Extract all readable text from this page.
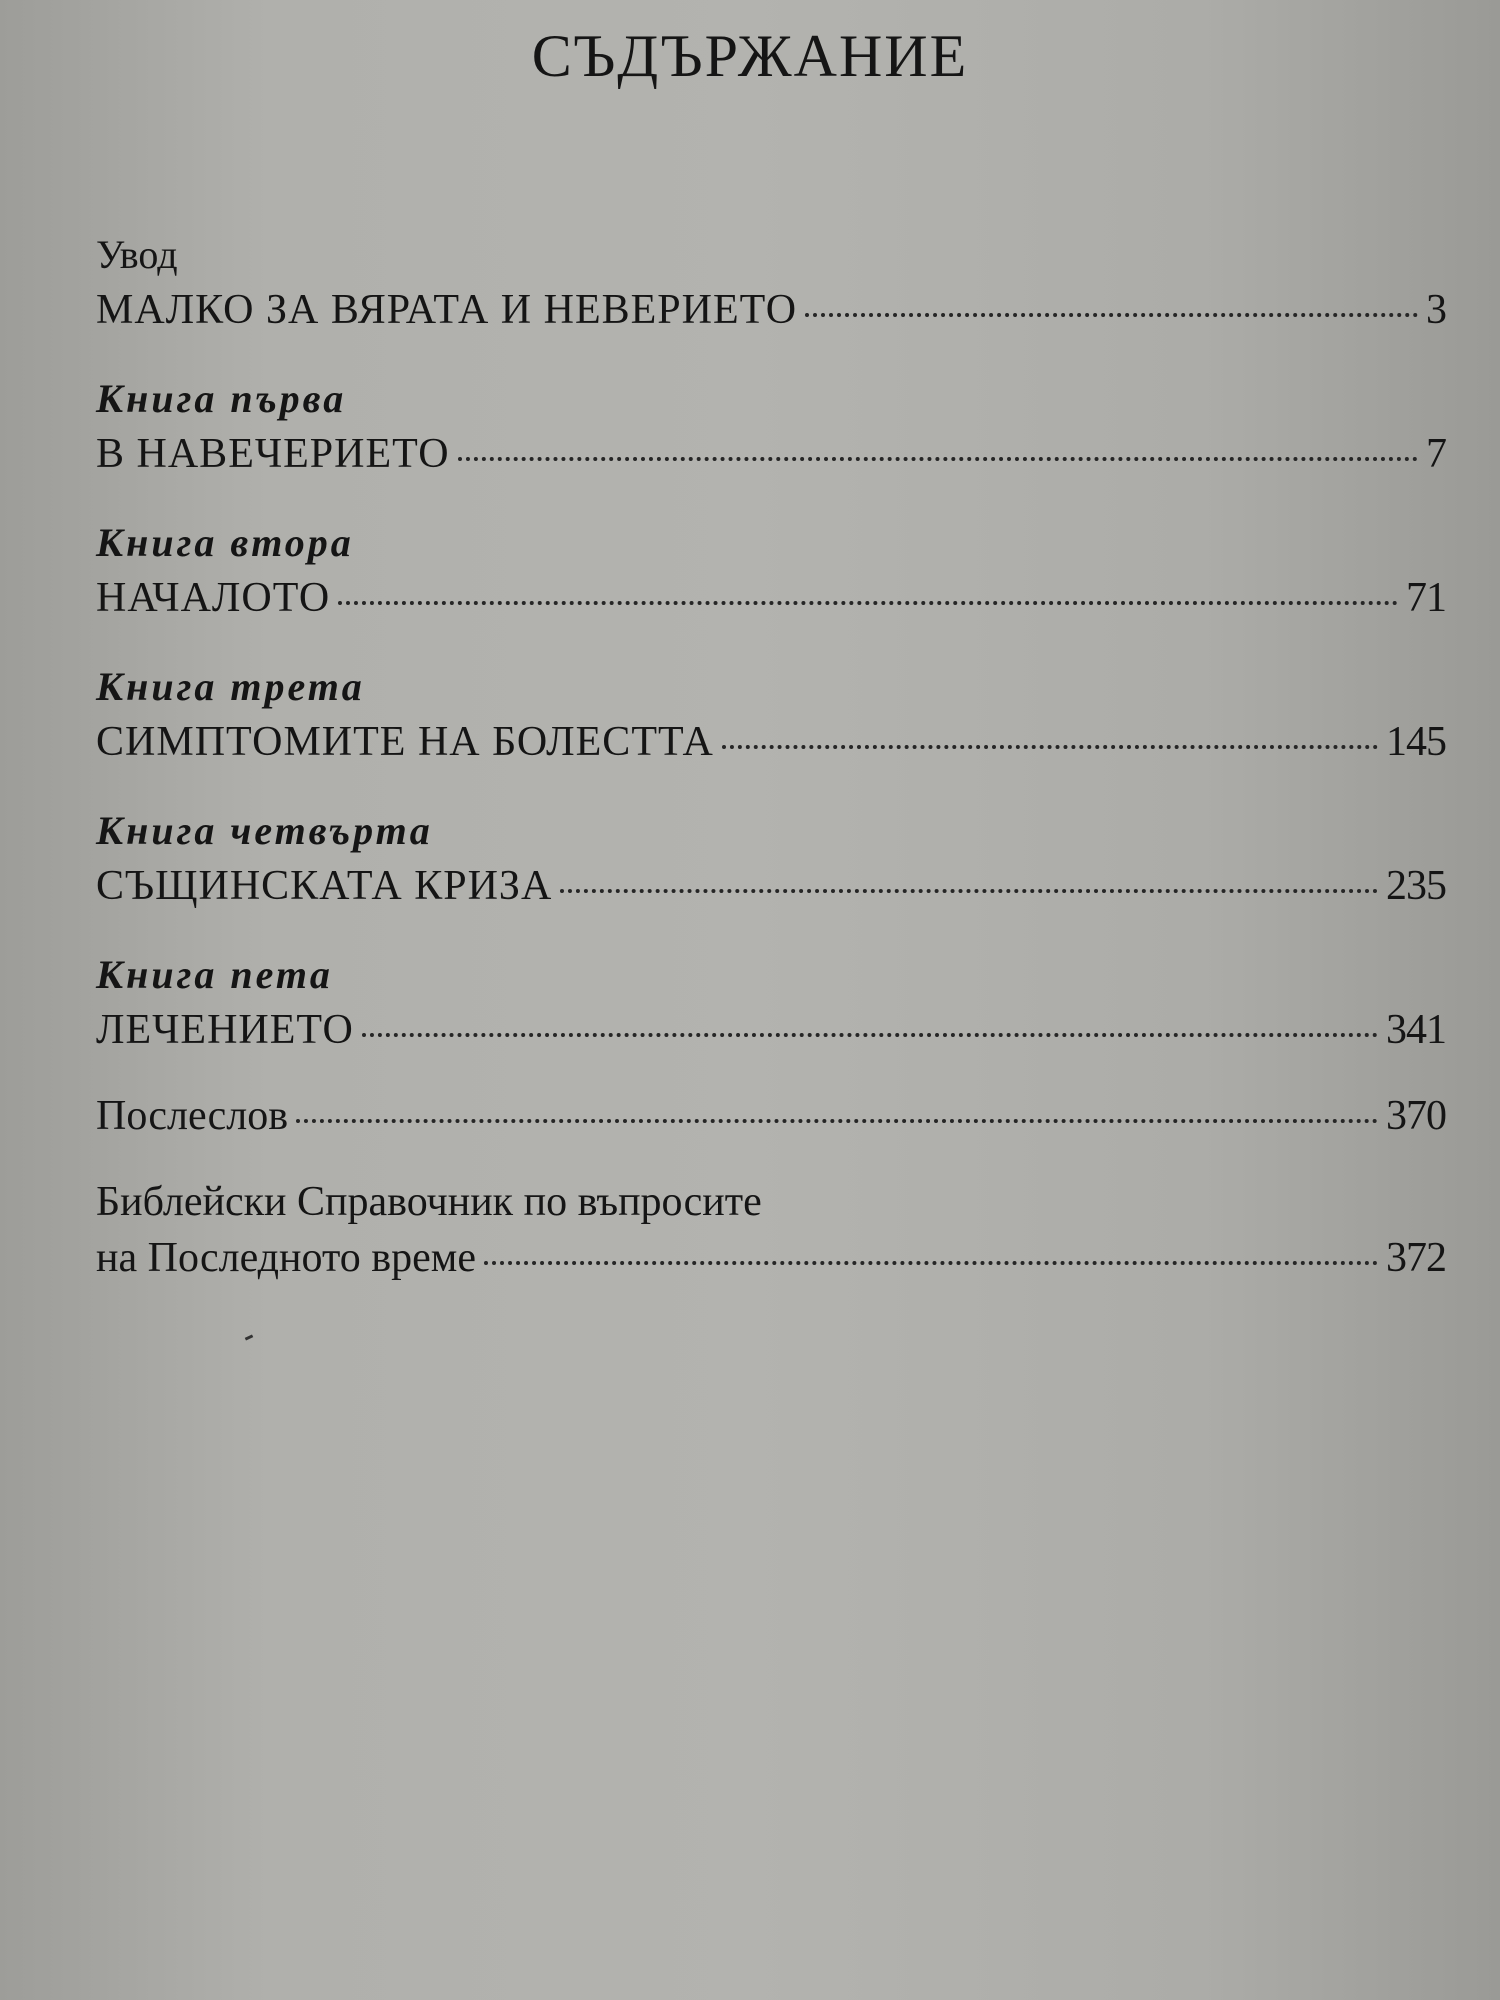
СЪДЪРЖАНИЕ
Увод
МАЛКО ЗА ВЯРАТА И НЕВЕРИЕТО	3
Книга първа
В НАВЕЧЕРИЕТО	7
Книга втора
НАЧАЛОТО	71
Книга трета
СИМПТОМИТЕ НА БОЛЕСТТА	145
Книга четвърта
СЪЩИНСКАТА КРИЗА	235
Книга пета
ЛЕЧЕНИЕТО	341
Послеслов	370
Библейски Справочник по въпросите
на Последното време	372
